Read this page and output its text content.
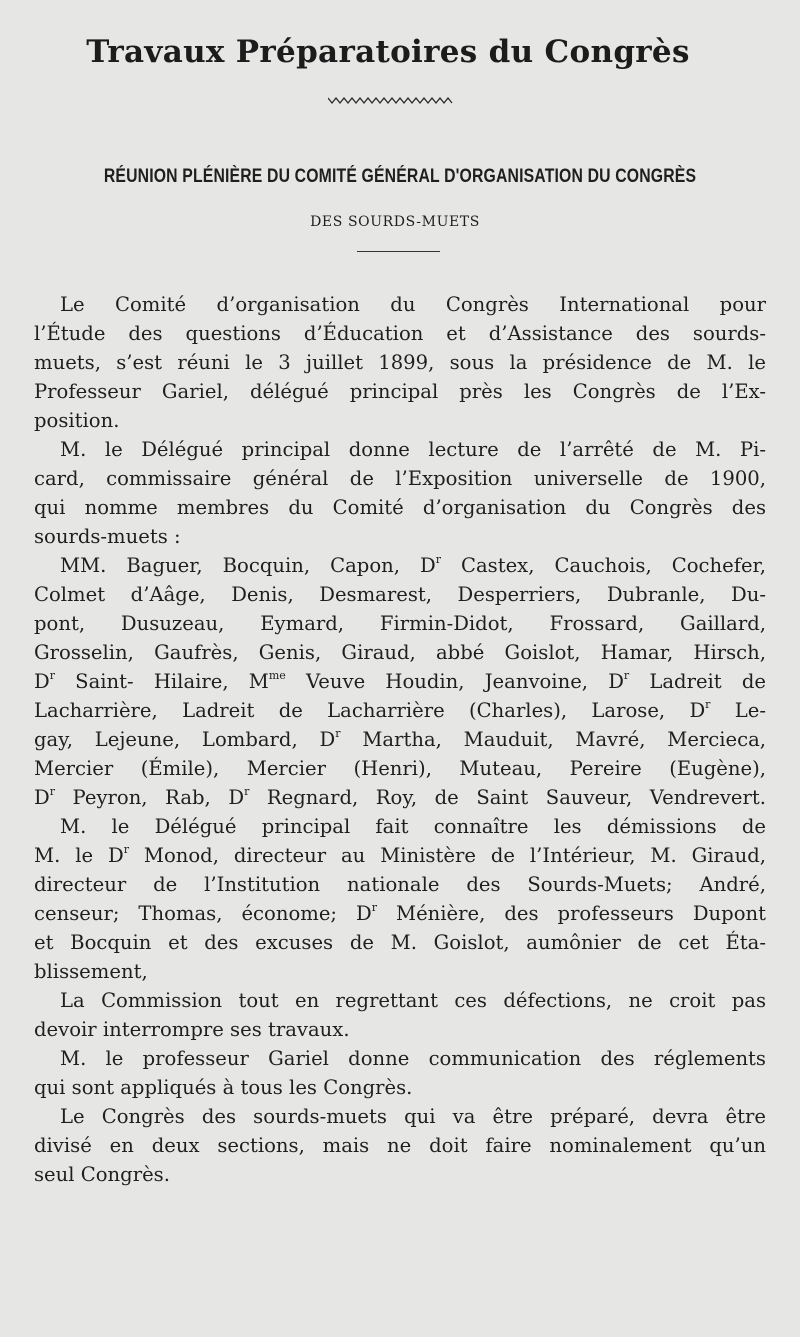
Travaux Préparatoires du Congrès
RÉUNION PLÉNIÈRE DU COMITÉ GÉNÉRAL D'ORGANISATION DU CONGRÈS
DES SOURDS-MUETS
Le Comité d’organisation du Congrès International pour
l’Étude des questions d’Éducation et d’Assistance des sourds-
muets, s’est réuni le 3 juillet 1899, sous la présidence de M. le
Professeur Gariel, délégué principal près les Congrès de l’Ex-
position.
M. le Délégué principal donne lecture de l’arrêté de M. Pi-
card, commissaire général de l’Exposition universelle de 1900,
qui nomme membres du Comité d’organisation du Congrès des
sourds-muets :
MM. Baguer, Bocquin, Capon, $D^r$ Castex, Cauchois, Cochefer,
Colmet d’Aâge, Denis, Desmarest, Desperriers, Dubranle, Du-
pont, Dusuzeau, Eymard, Firmin-Didot, Frossard, Gaillard,
Grosselin, Gaufrès, Genis, Giraud, abbé Goislot, Hamar, Hirsch,
$D^r$ Saint- Hilaire, $M^{me}$ Veuve Houdin, Jeanvoine, $D^r$ Ladreit de
Lacharrière, Ladreit de Lacharrière (Charles), Larose, $D^r$ Le-
gay, Lejeune, Lombard, $D^r$ Martha, Mauduit, Mavré, Mercieca,
Mercier (Émile), Mercier (Henri), Muteau, Pereire (Eugène),
$D^r$ Peyron, Rab, $D^r$ Regnard, Roy, de Saint Sauveur, Vendrevert.
M. le Délégué principal fait connaître les démissions de
M. le $D^r$ Monod, directeur au Ministère de l’Intérieur, M. Giraud,
directeur de l’Institution nationale des Sourds-Muets; André,
censeur; Thomas, économe; $D^r$ Ménière, des professeurs Dupont
et Bocquin et des excuses de M. Goislot, aumônier de cet Éta-
blissement,
La Commission tout en regrettant ces défections, ne croit pas
devoir interrompre ses travaux.
M. le professeur Gariel donne communication des réglements
qui sont appliqués à tous les Congrès.
Le Congrès des sourds-muets qui va être préparé, devra être
divisé en deux sections, mais ne doit faire nominalement qu’un
seul Congrès.
